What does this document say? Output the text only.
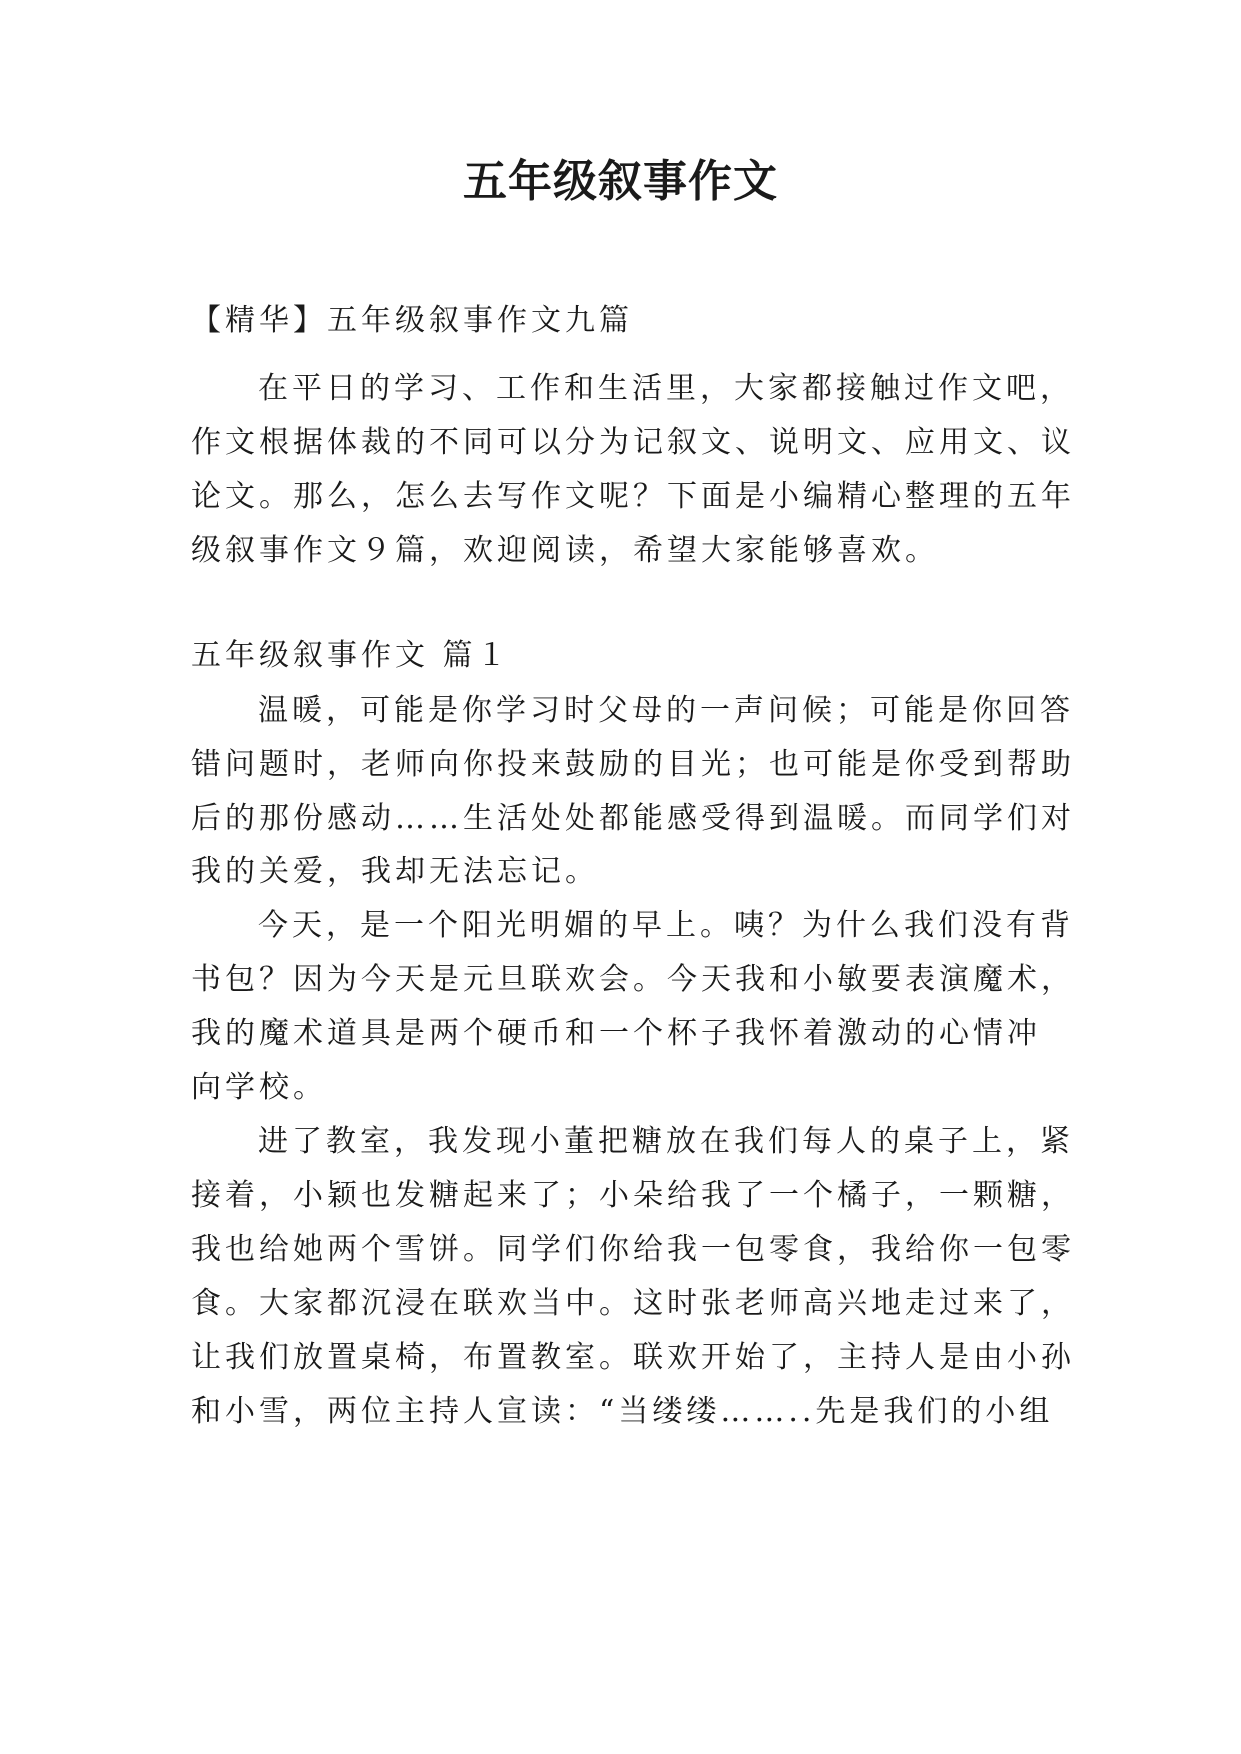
五年级叙事作文
【精华】五年级叙事作文九篇
在平日的学习、工作和生活里，大家都接触过作文吧，
作文根据体裁的不同可以分为记叙文、说明文、应用文、议
论文。那么，怎么去写作文呢？下面是小编精心整理的五年
级叙事作文９篇，欢迎阅读，希望大家能够喜欢。
五年级叙事作文 篇１
温暖，可能是你学习时父母的一声问候；可能是你回答
错问题时，老师向你投来鼓励的目光；也可能是你受到帮助
后的那份感动……生活处处都能感受得到温暖。而同学们对
我的关爱，我却无法忘记。
今天，是一个阳光明媚的早上。咦？为什么我们没有背
书包？因为今天是元旦联欢会。今天我和小敏要表演魔术，
我的魔术道具是两个硬币和一个杯子我怀着激动的心情冲
向学校。
进了教室，我发现小董把糖放在我们每人的桌子上，紧
接着，小颖也发糖起来了；小朵给我了一个橘子，一颗糖，
我也给她两个雪饼。同学们你给我一包零食，我给你一包零
食。大家都沉浸在联欢当中。这时张老师高兴地走过来了，
让我们放置桌椅，布置教室。联欢开始了，主持人是由小孙
和小雪，两位主持人宣读：“当缕缕……..先是我们的小组
